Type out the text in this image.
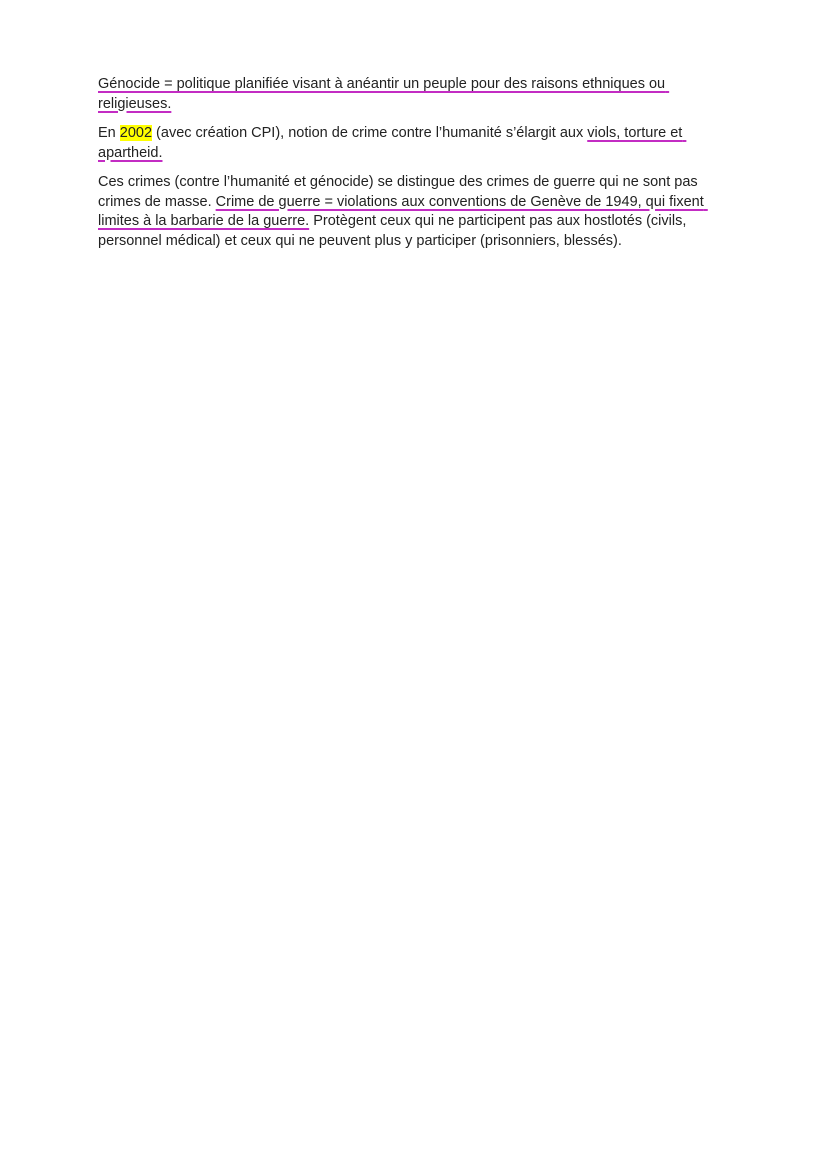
Génocide = politique planifiée visant à anéantir un peuple pour des raisons ethniques ou religieuses.

En 2002 (avec création CPI), notion de crime contre l’humanité s’élargit aux viols, torture et apartheid.

Ces crimes (contre l’humanité et génocide) se distingue des crimes de guerre qui ne sont pas crimes de masse. Crime de guerre = violations aux conventions de Genève de 1949, qui fixent limites à la barbarie de la guerre. Protègent ceux qui ne participent pas aux hostlotés (civils, personnel médical) et ceux qui ne peuvent plus y participer (prisonniers, blessés).
